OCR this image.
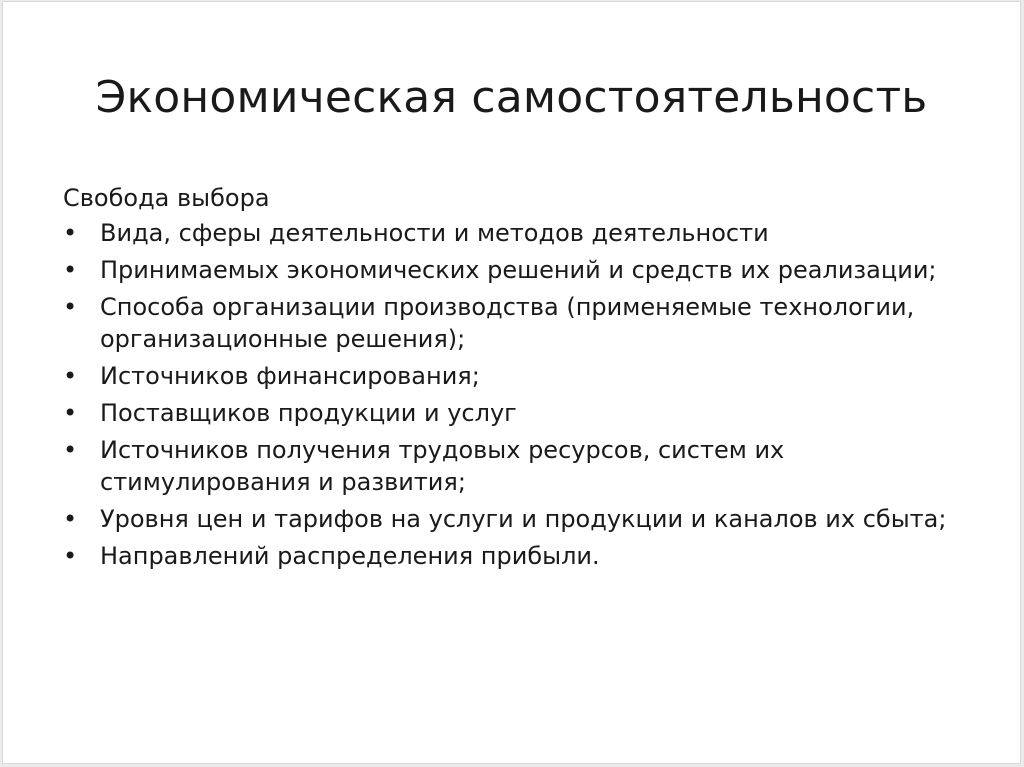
Экономическая самостоятельность
Свобода выбора
• Вида, сферы деятельности и методов деятельности
• Принимаемых экономических решений и средств их реализации;
• Способа организации производства (применяемые технологии, организационные решения);
• Источников финансирования;
• Поставщиков продукции и услуг
• Источников получения трудовых ресурсов, систем их стимулирования и развития;
• Уровня цен и тарифов на услуги и продукции и каналов их сбыта;
• Направлений распределения прибыли.
